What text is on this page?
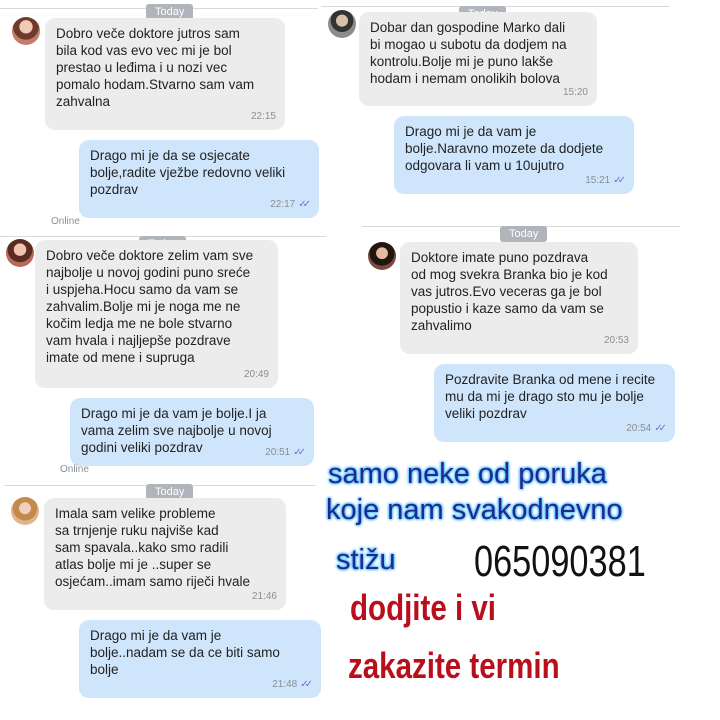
Today
Dobro veče doktore jutros sam
bila kod vas evo vec mi je bol
prestao u leđima i u nozi vec
pomalo hodam.Stvarno sam vam
zahvalna
22:15
Drago mi je da se osjecate
bolje,radite vježbe redovno veliki
pozdrav
22:17 ✓✓
Online
Dobar dan gospodine Marko dali
bi mogao u subotu da dodjem na
kontrolu.Bolje mi je puno lakše
hodam i nemam onolikih bolova
15:20
Drago mi je da vam je
bolje.Naravno mozete da dodjete
odgovara li vam u 10ujutro
15:21 ✓✓
Dobro veče doktore zelim vam sve
najbolje u novoj godini puno sreće
i uspjeha.Hocu samo da vam se
zahvalim.Bolje mi je noga me ne
kočim ledja me ne bole stvarno
vam hvala i najljepše pozdrave
imate od mene i supruga
20:49
Drago mi je da vam je bolje.I ja
vama zelim sve najbolje u novoj
godini veliki pozdrav	20:51 ✓✓
Online
Today
Doktore imate puno pozdrava
od mog svekra Branka bio je kod
vas jutros.Evo veceras ga je bol
popustio i kaze samo da vam se
zahvalimo
20:53
Pozdravite Branka od mene i recite
mu da mi je drago sto mu je bolje
veliki pozdrav
20:54 ✓✓
Today
Imala sam velike probleme
sa trnjenje ruku najviše kad
sam spavala..kako smo radili
atlas bolje mi je ..super se
osjećam..imam samo riječi hvale
21:46
Drago mi je da vam je
bolje..nadam se da ce biti samo
bolje
21:48 ✓✓
samo neke od poruka
koje nam svakodnevno
stižu 065090381
dodjite i vi
zakazite termin
